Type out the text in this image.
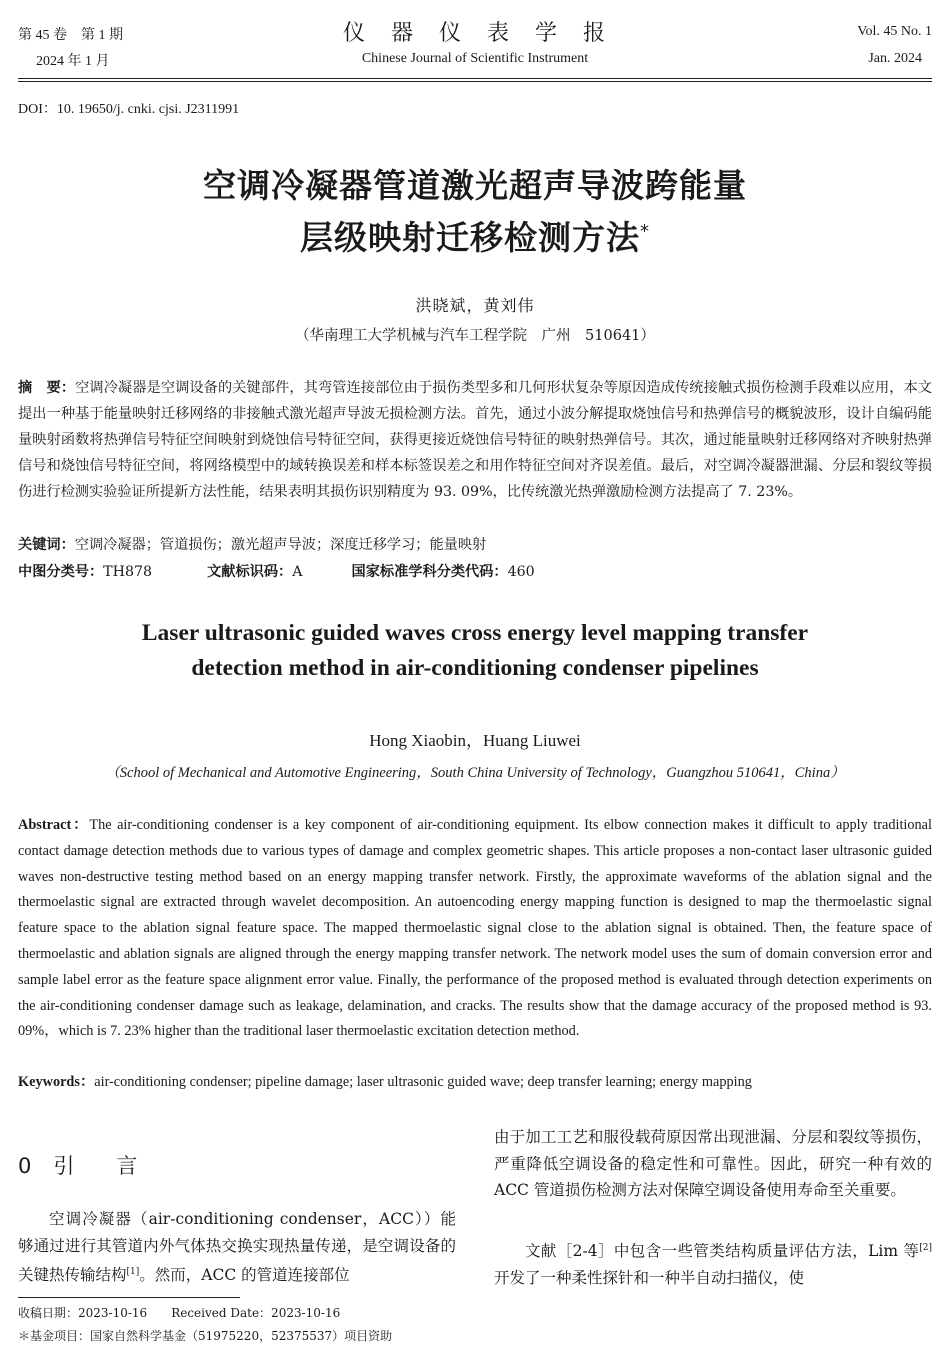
第 45 卷　第 1 期
2024 年 1 月
仪　器　仪　表　学　报
Chinese Journal of Scientific Instrument
Vol. 45 No. 1
Jan. 2024
DOI：10. 19650/j. cnki. cjsi. J2311991
空调冷凝器管道激光超声导波跨能量
层级映射迁移检测方法*
洪晓斌，黄刘伟
（华南理工大学机械与汽车工程学院　广州　510641）

摘　要：空调冷凝器是空调设备的关键部件，其弯管连接部位由于损伤类型多和几何形状复杂等原因造成传统接触式损伤检测手段难以应用，本文提出一种基于能量映射迁移网络的非接触式激光超声导波无损检测方法。首先，通过小波分解提取烧蚀信号和热弹信号的概貌波形，设计自编码能量映射函数将热弹信号特征空间映射到烧蚀信号特征空间，获得更接近烧蚀信号特征的映射热弹信号。其次，通过能量映射迁移网络对齐映射热弹信号和烧蚀信号特征空间，将网络模型中的域转换误差和样本标签误差之和用作特征空间对齐误差值。最后，对空调冷凝器泄漏、分层和裂纹等损伤进行检测实验验证所提新方法性能，结果表明其损伤识别精度为 93. 09%，比传统激光热弹激励检测方法提高了 7. 23%。

关键词：空调冷凝器；管道损伤；激光超声导波；深度迁移学习；能量映射

中图分类号：TH878	文献标识码：A	国家标准学科分类代码：460
Laser ultrasonic guided waves cross energy level mapping transfer
detection method in air-conditioning condenser pipelines
Hong Xiaobin，Huang Liuwei
（School of Mechanical and Automotive Engineering，South China University of Technology，Guangzhou 510641，China）

Abstract：The air-conditioning condenser is a key component of air-conditioning equipment. Its elbow connection makes it difficult to apply traditional contact damage detection methods due to various types of damage and complex geometric shapes. This article proposes a non-contact laser ultrasonic guided waves non-destructive testing method based on an energy mapping transfer network. Firstly, the approximate waveforms of the ablation signal and the thermoelastic signal are extracted through wavelet decomposition. An autoencoding energy mapping function is designed to map the thermoelastic signal feature space to the ablation signal feature space. The mapped thermoelastic signal close to the ablation signal is obtained. Then, the feature space of thermoelastic and ablation signals are aligned through the energy mapping transfer network. The network model uses the sum of domain conversion error and sample label error as the feature space alignment error value. Finally, the performance of the proposed method is evaluated through detection experiments on the air-conditioning condenser damage such as leakage, delamination, and cracks. The results show that the damage accuracy of the proposed method is 93. 09%，which is 7. 23% higher than the traditional laser thermoelastic excitation detection method.

Keywords：air-conditioning condenser; pipeline damage; laser ultrasonic guided wave; deep transfer learning; energy mapping

0 引　　言

空调冷凝器（air-conditioning condenser，ACC））能够通过进行其管道内外气体热交换实现热量传递，是空调设备的关键热传输结构[1]。然而，ACC 的管道连接部位

由于加工工艺和服役载荷原因常出现泄漏、分层和裂纹等损伤，严重降低空调设备的稳定性和可靠性。因此，研究一种有效的 ACC 管道损伤检测方法对保障空调设备使用寿命至关重要。

文献［2-4］中包含一些管类结构质量评估方法，Lim 等[2]开发了一种柔性探针和一种半自动扫描仪，使

收稿日期：2023-10-16　　Received Date：2023-10-16
＊基金项目：国家自然科学基金（51975220，52375537）项目资助
